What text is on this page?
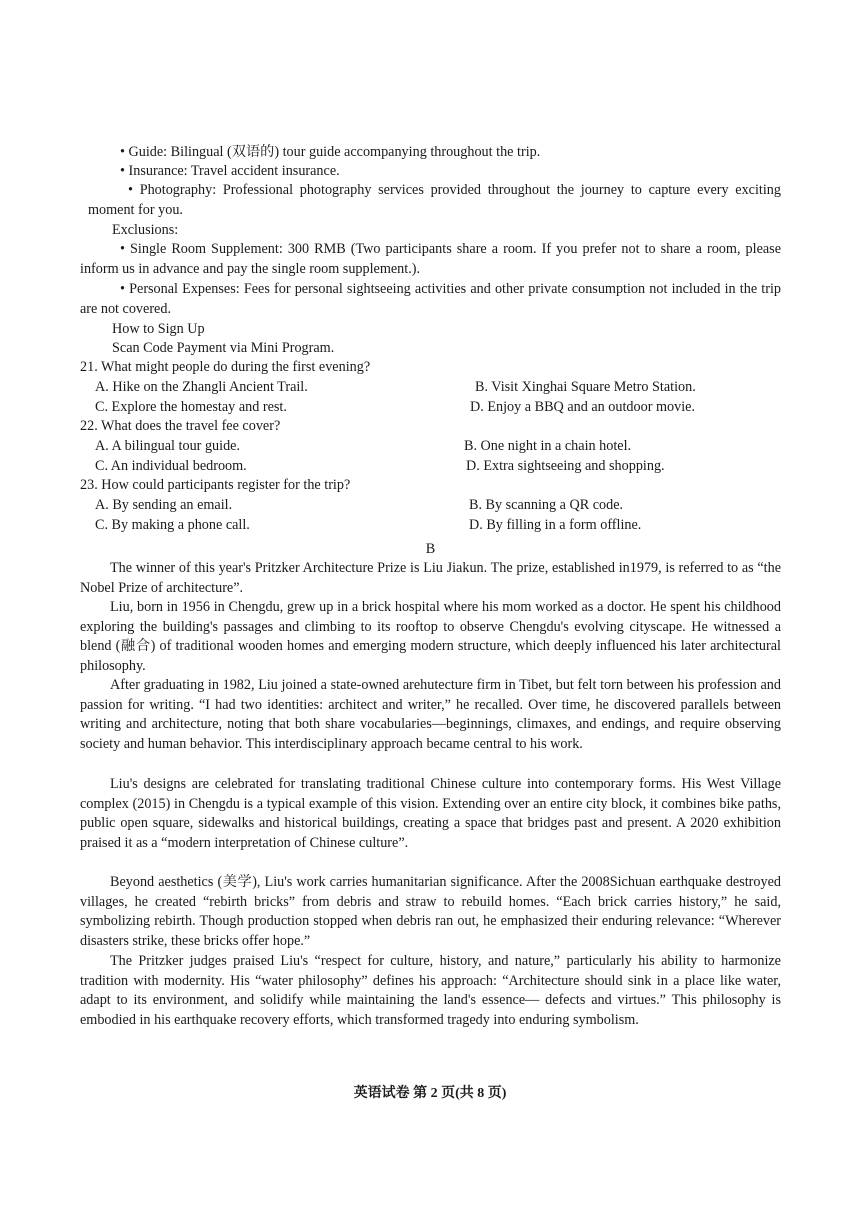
• Guide: Bilingual (双语的) tour guide accompanying throughout the trip.
• Insurance: Travel accident insurance.
• Photography: Professional photography services provided throughout the journey to capture every exciting moment for you.
Exclusions:
• Single Room Supplement: 300 RMB (Two participants share a room. If you prefer not to share a room, please inform us in advance and pay the single room supplement.).
• Personal Expenses: Fees for personal sightseeing activities and other private consumption not included in the trip are not covered.
How to Sign Up
Scan Code Payment via Mini Program.
21. What might people do during the first evening?
A. Hike on the Zhangli Ancient Trail.	B. Visit Xinghai Square Metro Station.
C. Explore the homestay and rest.	D. Enjoy a BBQ and an outdoor movie.
22. What does the travel fee cover?
A. A bilingual tour guide.	B. One night in a chain hotel.
C. An individual bedroom.	D. Extra sightseeing and shopping.
23. How could participants register for the trip?
A. By sending an email.	B. By scanning a QR code.
C. By making a phone call.	D. By filling in a form offline.
B
The winner of this year's Pritzker Architecture Prize is Liu Jiakun. The prize, established in1979, is referred to as “the Nobel Prize of architecture”.
Liu, born in 1956 in Chengdu, grew up in a brick hospital where his mom worked as a doctor. He spent his childhood exploring the building's passages and climbing to its rooftop to observe Chengdu's evolving cityscape. He witnessed a blend (融合) of traditional wooden homes and emerging modern structure, which deeply influenced his later architectural philosophy.
After graduating in 1982, Liu joined a state-owned arehutecture firm in Tibet, but felt torn between his profession and passion for writing. “I had two identities: architect and writer,” he recalled. Over time, he discovered parallels between writing and architecture, noting that both share vocabularies—beginnings, climaxes, and endings, and require observing society and human behavior. This interdisciplinary approach became central to his work.
Liu's designs are celebrated for translating traditional Chinese culture into contemporary forms. His West Village complex (2015) in Chengdu is a typical example of this vision. Extending over an entire city block, it combines bike paths, public open square, sidewalks and historical buildings, creating a space that bridges past and present. A 2020 exhibition praised it as a “modern interpretation of Chinese culture”.
Beyond aesthetics (美学), Liu's work carries humanitarian significance. After the 2008Sichuan earthquake destroyed villages, he created “rebirth bricks” from debris and straw to rebuild homes. “Each brick carries history,” he said, symbolizing rebirth. Though production stopped when debris ran out, he emphasized their enduring relevance: “Wherever disasters strike, these bricks offer hope.”
The Pritzker judges praised Liu's “respect for culture, history, and nature,” particularly his ability to harmonize tradition with modernity. His “water philosophy” defines his approach: “Architecture should sink in a place like water, adapt to its environment, and solidify while maintaining the land's essence— defects and virtues.” This philosophy is embodied in his earthquake recovery efforts, which transformed tragedy into enduring symbolism.
英语试卷 第 2 页(共 8 页)
